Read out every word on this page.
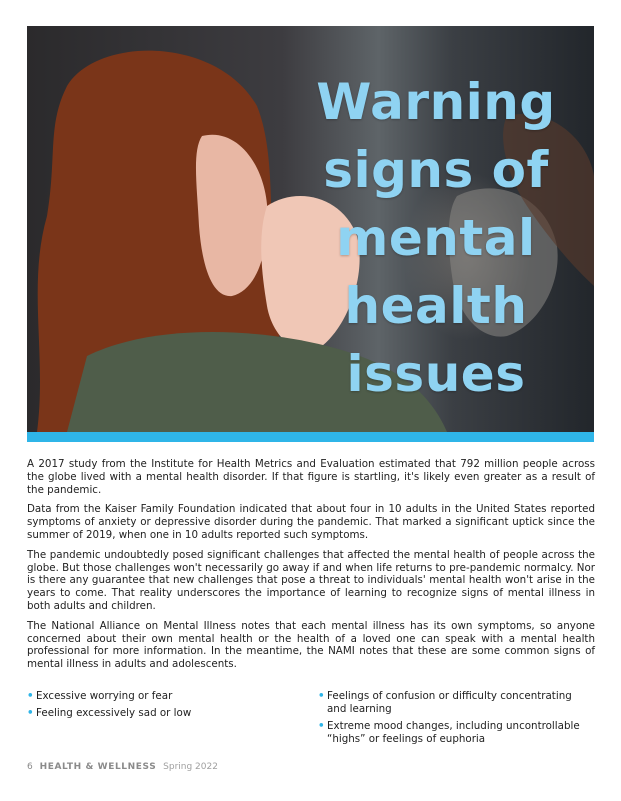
Warning
signs of
mental
health
issues

A 2017 study from the Institute for Health Metrics and Evaluation estimated that 792 million people across the globe lived with a mental health disorder. If that figure is startling, it's likely even greater as a result of the pandemic.

Data from the Kaiser Family Foundation indicated that about four in 10 adults in the United States reported symptoms of anxiety or depressive disorder during the pandemic. That marked a significant uptick since the summer of 2019, when one in 10 adults reported such symptoms.

The pandemic undoubtedly posed significant challenges that affected the mental health of people across the globe. But those challenges won't necessarily go away if and when life returns to pre-pandemic normalcy. Nor is there any guarantee that new challenges that pose a threat to individuals' mental health won't arise in the years to come. That reality underscores the importance of learning to recognize signs of mental illness in both adults and children.

The National Alliance on Mental Illness notes that each mental illness has its own symptoms, so anyone concerned about their own mental health or the health of a loved one can speak with a mental health professional for more information. In the meantime, the NAMI notes that these are some common signs of mental illness in adults and adolescents.

• Excessive worrying or fear
• Feeling excessively sad or low
• Feelings of confusion or difficulty concentrating and learning
• Extreme mood changes, including uncontrollable “highs” or feelings of euphoria
6 HEALTH & WELLNESS Spring 2022
